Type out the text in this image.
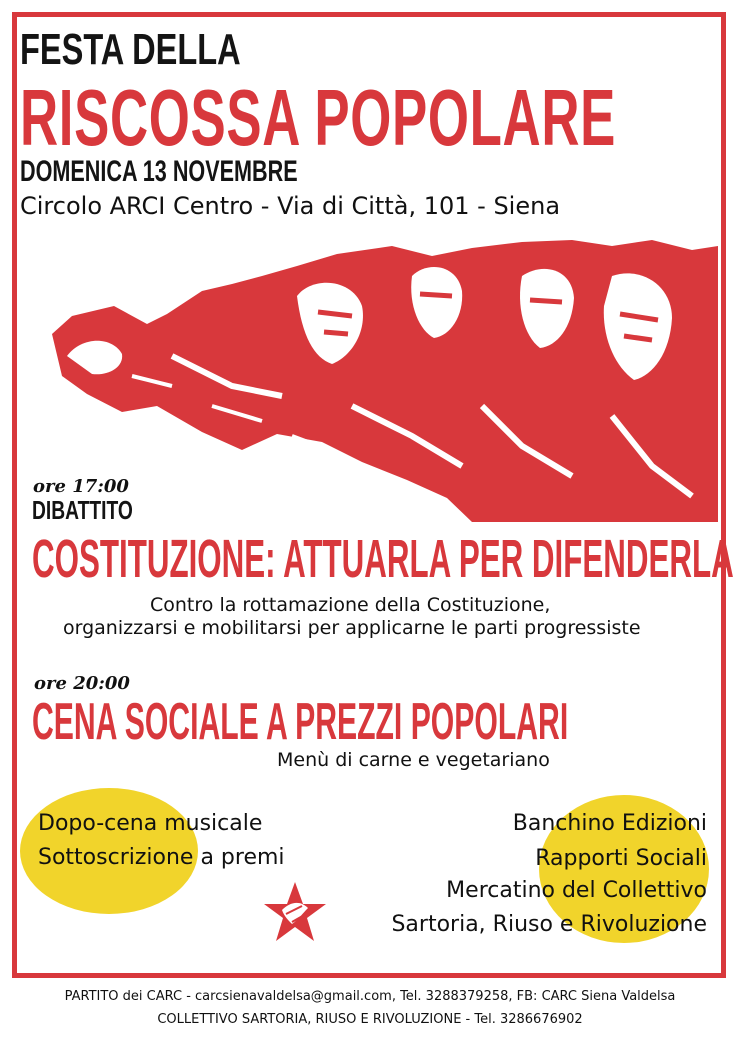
FESTA DELLA
RISCOSSA POPOLARE
DOMENICA 13 NOVEMBRE
Circolo ARCI Centro - Via di Città, 101 - Siena
ore 17:00
DIBATTITO
COSTITUZIONE: ATTUARLA PER DIFENDERLA
Contro la rottamazione della Costituzione,
organizzarsi e mobilitarsi per applicarne le parti progressiste
ore 20:00
CENA SOCIALE A PREZZI POPOLARI
Menù di carne e vegetariano
Dopo-cena musicale
Sottoscrizione a premi
Banchino Edizioni
Rapporti Sociali
Mercatino del Collettivo
Sartoria, Riuso e Rivoluzione
PARTITO dei CARC - carcsienavaldelsa@gmail.com, Tel. 3288379258, FB: CARC Siena Valdelsa
COLLETTIVO SARTORIA, RIUSO E RIVOLUZIONE - Tel. 3286676902
